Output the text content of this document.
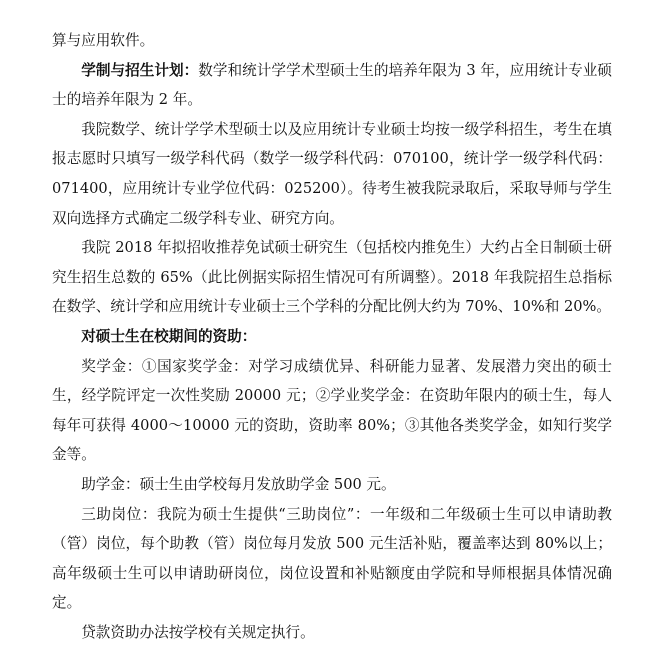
算与应用软件。

学制与招生计划：数学和统计学学术型硕士生的培养年限为 3 年，应用统计专业硕士的培养年限为 2 年。

我院数学、统计学学术型硕士以及应用统计专业硕士均按一级学科招生，考生在填报志愿时只填写一级学科代码（数学一级学科代码：070100，统计学一级学科代码：071400，应用统计专业学位代码：025200）。待考生被我院录取后，采取导师与学生双向选择方式确定二级学科专业、研究方向。

我院 2018 年拟招收推荐免试硕士研究生（包括校内推免生）大约占全日制硕士研究生招生总数的 65%（此比例据实际招生情况可有所调整）。2018 年我院招生总指标在数学、统计学和应用统计专业硕士三个学科的分配比例大约为 70%、10%和 20%。

对硕士生在校期间的资助：

奖学金：①国家奖学金：对学习成绩优异、科研能力显著、发展潜力突出的硕士生，经学院评定一次性奖励 20000 元；②学业奖学金：在资助年限内的硕士生，每人每年可获得 4000～10000 元的资助，资助率 80%；③其他各类奖学金，如知行奖学金等。

助学金：硕士生由学校每月发放助学金 500 元。

三助岗位：我院为硕士生提供“三助岗位”：一年级和二年级硕士生可以申请助教（管）岗位，每个助教（管）岗位每月发放 500 元生活补贴，覆盖率达到 80%以上；高年级硕士生可以申请助研岗位，岗位设置和补贴额度由学院和导师根据具体情况确定。

贷款资助办法按学校有关规定执行。
